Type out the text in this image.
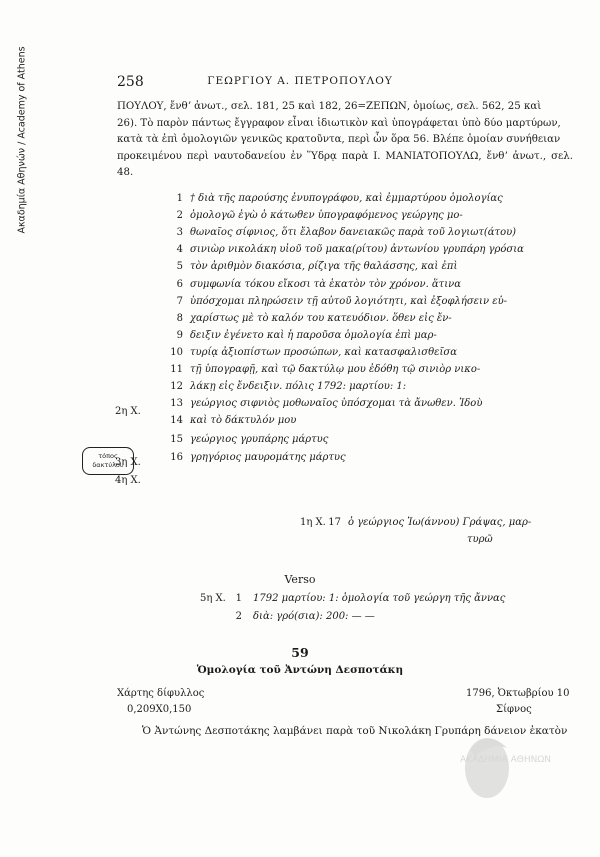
Ακαδημία Αθηνών / Academy of Athens	258	ΓΕΩΡΓΙΟΥ Α. ΠΕΤΡΟΠΟΥΛΟΥ

ΠΟΥΛΟΥ, ἔνθʼ ἀνωτ., σελ. 181, 25 καὶ 182, 26=ΖΕΠΩΝ, ὁμοίως, σελ. 562, 25 καὶ

26). Τὸ παρὸν πάντως ἔγγραφον εἶναι ἰδιωτικὸν καὶ ὑπογράφεται ὑπὸ δύο μαρτύρων,

κατὰ τὰ ἐπὶ ὁμολογιῶν γενικῶς κρατοῦντα, περὶ ὧν ὅρα 56. Βλέπε ὁμοίαν συνήθειαν

προκειμένου περὶ ναυτοδανείου ἐν Ὕδρᾳ παρὰ Ι. ΜΑΝΙΑΤΟΠΟΥΛΩ, ἔνθʼ ἀνωτ., σελ. 48.

1 † διὰ τῆς παρούσης ἐνυπογράφου, καὶ ἐμμαρτύρου ὁμολογίας
2 ὁμολογῶ ἐγὼ ὁ κάτωθεν ὑπογραφόμενος γεώργης μο-
3 θωναῖος σίφνιος, ὅτι ἔλαβον δανειακῶς παρὰ τοῦ λογιωτ(άτου)
4 σινιὼρ νικολάκη υἱοῦ τοῦ μακα(ρίτου) ἀντωνίου γρυπάρη γρόσια
5 τὸν ἀριθμὸν διακόσια, ρίζιγα τῆς θαλάσσης, καὶ ἐπὶ
6 συμφωνία τόκου εἴκοσι τὰ ἑκατὸν τὸν χρόνον. ἅτινα
7 ὑπόσχομαι πληρώσειν τῇ αὐτοῦ λογιότητι, καὶ ἐξοφλήσειν εὐ-
8 χαρίστως μὲ τὸ καλόν του κατευόδιον. ὅθεν εἰς ἔν-
9 δειξιν ἐγένετο καὶ ἡ παροῦσα ὁμολογία ἐπὶ μαρ-
10 τυρίᾳ ἀξιοπίστων προσώπων, καὶ κατασφαλισθεῖσα
11 τῇ ὑπογραφῇ, καὶ τῷ δακτύλῳ μου ἐδόθη τῷ σινιὸρ νικο-
12 λάκῃ εἰς ἔνδειξιν. πόλις 1792: μαρτίου: 1:
13 γεώργιος σιφνιὸς μοθωναῖος ὑπόσχομαι τὰ ἄνωθεν. Ἰδοὺ
14 καὶ τὸ δάκτυλόν μου
15 γεώργιος γρυπάρης μάρτυς
16 γρηγόριος μαυρομάτης μάρτυς
2η Χ.
τόπος
δακτύλου
3η Χ.
4η Χ.
1η Χ. 17 ὁ γεώργιος Ἰω(άννου) Γράψας, μαρ-
τυρῶ
Verso
5η Χ. 1 1792 μαρτίου: 1: ὁμολογία τοῦ γεώργη τῆς ἄννας
2 διὰ: γρό(σια): 200: — —
59
Ὁμολογία τοῦ Ἀντώνη Δεσποτάκη
Χάρτης δίφυλλος
0,209Χ0,150
1796, Ὀκτωβρίου 10
Σίφνος
Ὁ Ἀντώνης Δεσποτάκης λαμβάνει παρὰ τοῦ Νικολάκη Γρυπάρη δάνειον ἑκατὸν
ΑΚΑΔΗΜΙΑ ΑΘΗΝΩΝ
